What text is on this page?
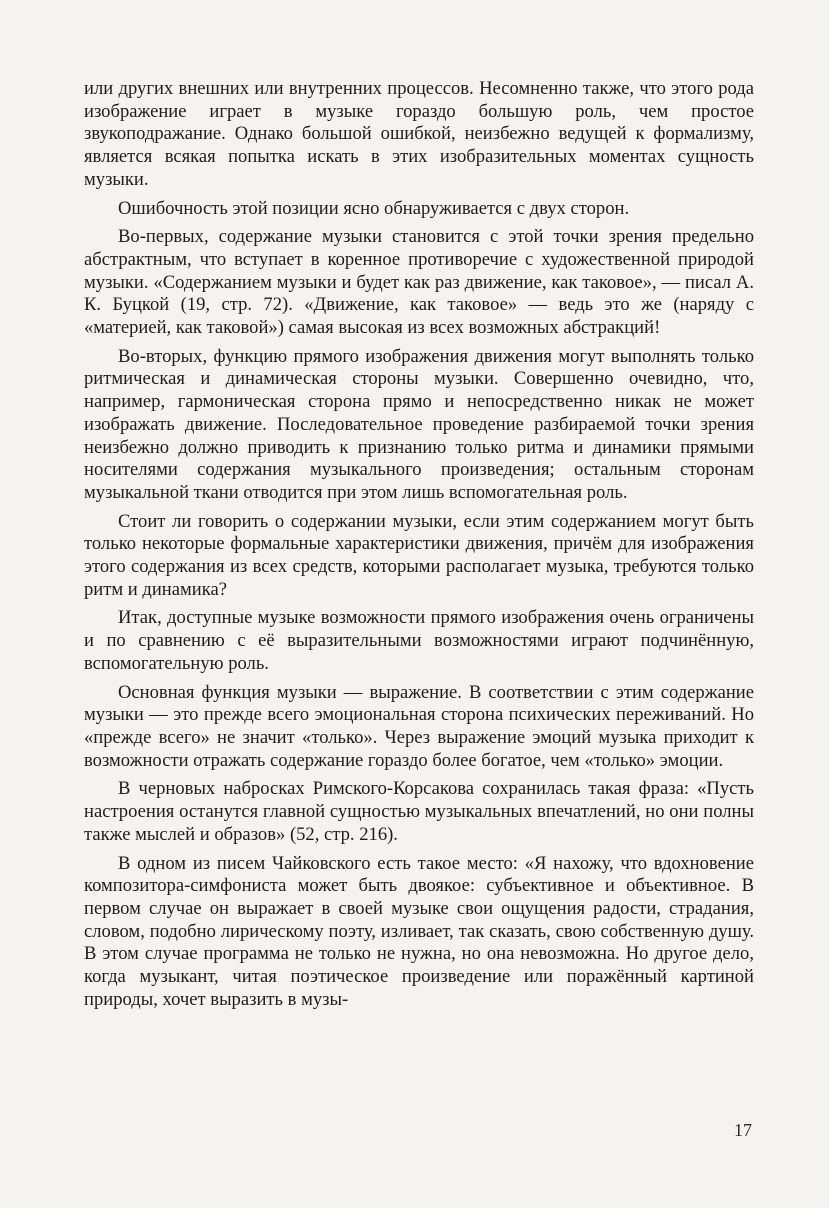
или других внешних или внутренних процессов. Несомненно также, что этого рода изображение играет в музыке гораздо большую роль, чем простое звукоподражание. Однако большой ошибкой, неизбежно ведущей к формализму, является всякая попытка искать в этих изобразительных моментах сущность музыки.

Ошибочность этой позиции ясно обнаруживается с двух сторон.

Во-первых, содержание музыки становится с этой точки зрения предельно абстрактным, что вступает в коренное противоречие с художественной природой музыки. «Содержанием музыки и будет как раз движение, как таковое», — писал А. К. Буцкой (19, стр. 72). «Движение, как таковое» — ведь это же (наряду с «материей, как таковой») самая высокая из всех возможных абстракций!

Во-вторых, функцию прямого изображения движения могут выполнять только ритмическая и динамическая стороны музыки. Совершенно очевидно, что, например, гармоническая сторона прямо и непосредственно никак не может изображать движение. Последовательное проведение разбираемой точки зрения неизбежно должно приводить к признанию только ритма и динамики прямыми носителями содержания музыкального произведения; остальным сторонам музыкальной ткани отводится при этом лишь вспомогательная роль.

Стоит ли говорить о содержании музыки, если этим содержанием могут быть только некоторые формальные характеристики движения, причём для изображения этого содержания из всех средств, которыми располагает музыка, требуются только ритм и динамика?

Итак, доступные музыке возможности прямого изображения очень ограничены и по сравнению с её выразительными возможностями играют подчинённую, вспомогательную роль.

Основная функция музыки — выражение. В соответствии с этим содержание музыки — это прежде всего эмоциональная сторона психических переживаний. Но «прежде всего» не значит «только». Через выражение эмоций музыка приходит к возможности отражать содержание гораздо более богатое, чем «только» эмоции.

В черновых набросках Римского-Корсакова сохранилась такая фраза: «Пусть настроения останутся главной сущностью музыкальных впечатлений, но они полны также мыслей и образов» (52, стр. 216).

В одном из писем Чайковского есть такое место: «Я нахожу, что вдохновение композитора-симфониста может быть двоякое: субъективное и объективное. В первом случае он выражает в своей музыке свои ощущения радости, страдания, словом, подобно лирическому поэту, изливает, так сказать, свою собственную душу. В этом случае программа не только не нужна, но она невозможна. Но другое дело, когда музыкант, читая поэтическое произведение или поражённый картиной природы, хочет выразить в музы-

17
